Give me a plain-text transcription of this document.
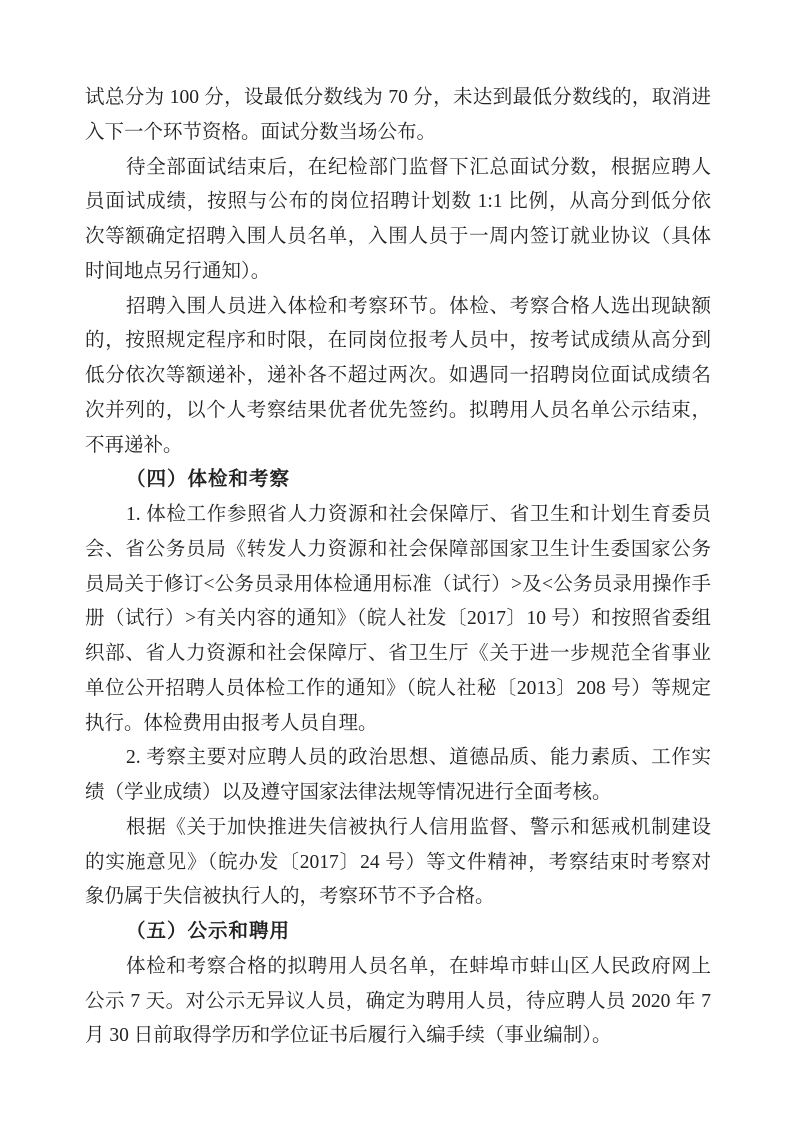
试总分为 100 分，设最低分数线为 70 分，未达到最低分数线的，取消进
入下一个环节资格。面试分数当场公布。
待全部面试结束后，在纪检部门监督下汇总面试分数，根据应聘人
员面试成绩，按照与公布的岗位招聘计划数 1:1 比例，从高分到低分依
次等额确定招聘入围人员名单，入围人员于一周内签订就业协议（具体
时间地点另行通知）。
招聘入围人员进入体检和考察环节。体检、考察合格人选出现缺额
的，按照规定程序和时限，在同岗位报考人员中，按考试成绩从高分到
低分依次等额递补，递补各不超过两次。如遇同一招聘岗位面试成绩名
次并列的，以个人考察结果优者优先签约。拟聘用人员名单公示结束，
不再递补。
（四）体检和考察
1. 体检工作参照省人力资源和社会保障厅、省卫生和计划生育委员
会、省公务员局《转发人力资源和社会保障部国家卫生计生委国家公务
员局关于修订<公务员录用体检通用标准（试行）>及<公务员录用操作手
册（试行）>有关内容的通知》（皖人社发〔2017〕10 号）和按照省委组
织部、省人力资源和社会保障厅、省卫生厅《关于进一步规范全省事业
单位公开招聘人员体检工作的通知》（皖人社秘〔2013〕208 号）等规定
执行。体检费用由报考人员自理。
2. 考察主要对应聘人员的政治思想、道德品质、能力素质、工作实
绩（学业成绩）以及遵守国家法律法规等情况进行全面考核。
根据《关于加快推进失信被执行人信用监督、警示和惩戒机制建设
的实施意见》（皖办发〔2017〕24 号）等文件精神，考察结束时考察对
象仍属于失信被执行人的，考察环节不予合格。
（五）公示和聘用
体检和考察合格的拟聘用人员名单，在蚌埠市蚌山区人民政府网上
公示 7 天。对公示无异议人员，确定为聘用人员，待应聘人员 2020 年 7
月 30 日前取得学历和学位证书后履行入编手续（事业编制）。
